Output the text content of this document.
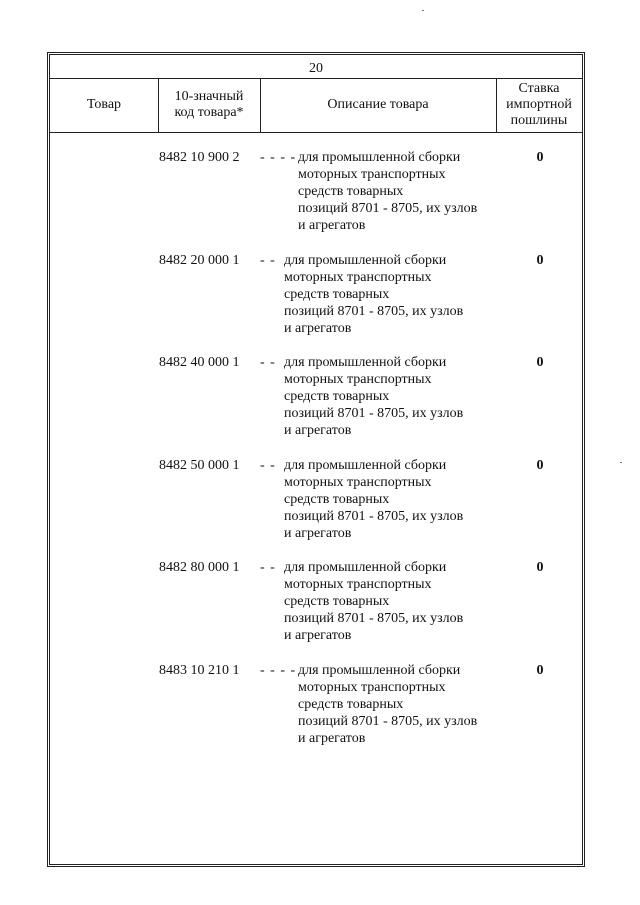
20
Товар
10-значный
код товара*
Описание товара
Ставка
импортной
пошлины
8482 10 900 2 - - - - для промышленной сборки
моторных транспортных
средств товарных
позиций 8701 - 8705, их узлов
и агрегатов
0
8482 20 000 1 - - для промышленной сборки
моторных транспортных
средств товарных
позиций 8701 - 8705, их узлов
и агрегатов
0
8482 40 000 1 - - для промышленной сборки
моторных транспортных
средств товарных
позиций 8701 - 8705, их узлов
и агрегатов
0
8482 50 000 1 - - для промышленной сборки
моторных транспортных
средств товарных
позиций 8701 - 8705, их узлов
и агрегатов
0
8482 80 000 1 - - для промышленной сборки
моторных транспортных
средств товарных
позиций 8701 - 8705, их узлов
и агрегатов
0
8483 10 210 1 - - - - для промышленной сборки
моторных транспортных
средств товарных
позиций 8701 - 8705, их узлов
и агрегатов
0
